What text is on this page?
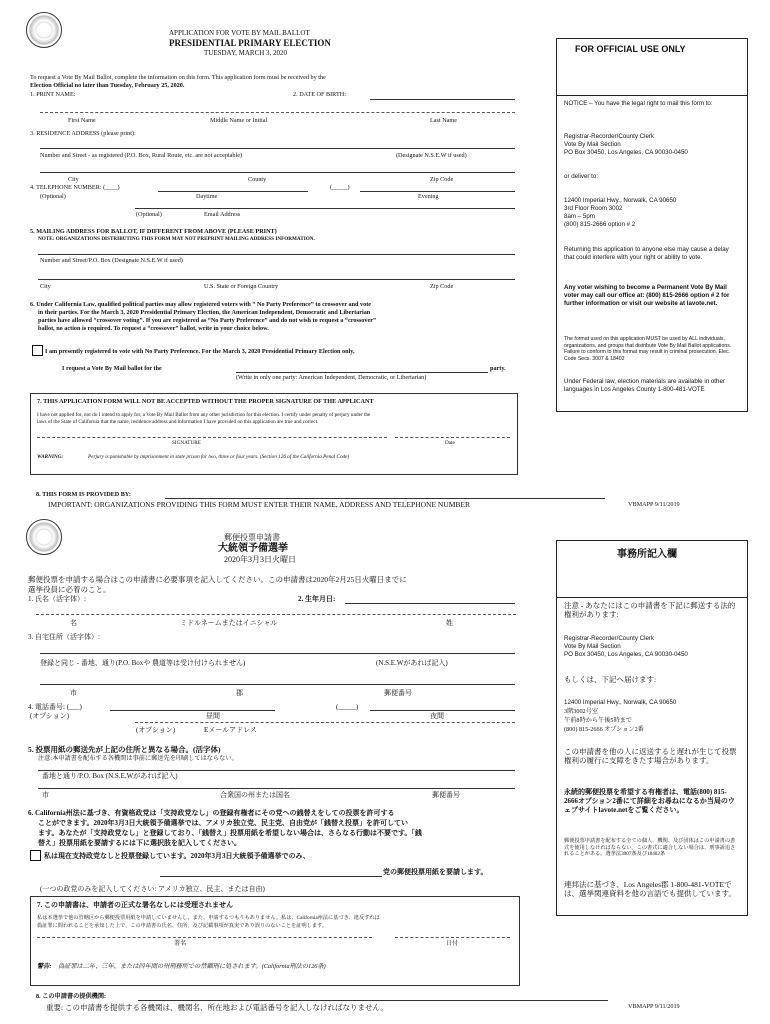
APPLICATION FOR VOTE BY MAIL BALLOT
PRESIDENTIAL PRIMARY ELECTION
TUESDAY, MARCH 3, 2020
To request a Vote By Mail Ballot, complete the information on this form. This application form must be received by the
Election Official no later than Tuesday, February 25, 2020.
1. PRINT NAME:	2. DATE OF BIRTH:
First Name	Middle Name or Initial	Last Name
3. RESIDENCE ADDRESS (please print):
Number and Street - as registered (P.O. Box, Rural Route, etc. are not acceptable)	(Designate N.S.E.W if used)
City	County	Zip Code
4. TELEPHONE NUMBER: (____)	(_____)
(Optional)	Daytime	Evening
(Optional)	Email Address
5. MAILING ADDRESS FOR BALLOT, IF DIFFERENT FROM ABOVE (PLEASE PRINT)
NOTE: ORGANIZATIONS DISTRIBUTING THIS FORM MAY NOT PREPRINT MAILING ADDRESS INFORMATION.
Number and Street/P.O. Box (Designate N.S.E.W if used)
City	U.S. State or Foreign Country	Zip Code
6. Under California Law, qualified political parties may allow registered voters with “ No Party Preference” to crossover and vote
in their parties. For the March 3, 2020 Presidential Primary Election, the American Independent, Democratic and Libertarian
parties have allowed “crossover voting”. If you are registered as “No Party Preference” and do not wish to request a “crossover”
ballot, no action is required. To request a “crossover” ballot, write in your choice below.
I am presently registered to vote with No Party Preference. For the March 3, 2020 Presidential Primary Election only,
I request a Vote By Mail ballot for the	party.
(Write in only one party: American Independent, Democratic, or Libertarian)
7. THIS APPLICATION FORM WILL NOT BE ACCEPTED WITHOUT THE PROPER SIGNATURE OF THE APPLICANT
I have not applied for, nor do I intend to apply for, a Vote By Mail Ballot from any other jurisdiction for this election. I certify under penalty of perjury under the
laws of the State of California that the name, residence address and information I have provided on this application are true and correct.
SIGNATURE	Date
WARNING:	Perjury is punishable by imprisonment in state prison for two, three or four years. (Section 126 of the California Penal Code)
8. THIS FORM IS PROVIDED BY:
IMPORTANT: ORGANIZATIONS PROVIDING THIS FORM MUST ENTER THEIR NAME, ADDRESS AND TELEPHONE NUMBER	VBMAPP 9/11/2019
FOR OFFICIAL USE ONLY
NOTICE – You have the legal right to mail this form to:
Registrar-Recorder/County Clerk
Vote By Mail Section
PO Box 30450, Los Angeles, CA 90030-0450
or deliver to:
12400 Imperial Hwy., Norwalk, CA 90650
3rd Floor Room 3002
8am – 5pm
(800) 815-2666 option # 2
Returning this application to anyone else may cause a delay that could interfere with your right or ability to vote.
Any voter wishing to become a Permanent Vote By Mail voter may call our office at: (800) 815-2666 option # 2 for further information or visit our website at lavote.net.
The format used on this application MUST be used by ALL individuals, organizations, and groups that distribute Vote By Mail Ballot applications. Failure to conform to this format may result in criminal prosecution. Elec. Code Secs. 3007 & 18402
Under Federal law, election materials are available in other languages in Los Angeles County 1-800-481-VOTE
郵便投票申請書
大統領予備選挙
2020年3月3日火曜日
郵便投票を申請する場合はこの申請書に必要事項を記入してください。この申請書は2020年2月25日火曜日までに
選挙役員に必着のこと。
1. 氏名（活字体）:	2. 生年月日:
名	ミドルネームまたはイニシャル	姓
3. 自宅住所（活字体）:
登録と同じ - 番地、通り(P.O. Boxや 農道等は受け付けられません)	(N.S.E.Wがあれば記入)
市	郡	郵便番号
4. 電話番号: (___)	(_____)
(オプション)	昼間	夜間
(オプション)	Eメールアドレス
5. 投票用紙の郵送先が上記の住所と異なる場合。(活字体)
注意:本申請書を配布する各機関は事前に郵送先を印刷してはならない。
番地と通り/P.O. Box (N.S.E.Wがあれば記入)
市	合衆国の州または国名	郵便番号
6. California州法に基づき、有資格政党は「支持政党なし」の登録有権者にその党への銭替えをしての投票を許可する
ことができます。2020年3月3日大統領予備選挙では、アメリカ独立党、民主党、自由党が「銭替え投票」を許可してい
ます。あなたが「支持政党なし」と登録しており、「銭替え」投票用紙を希望しない場合は、さらなる行動は不要です。「銭
替え」投票用紙を要請するには下に選択肢を記入してください。
私は現在支持政党なしと投票登録しています。2020年3月3日大統領予備選挙でのみ、
党の郵便投票用紙を要請します。
(一つの政党のみを記入してください: アメリカ独立、民主、または自由)
7. この申請書は、申請者の正式な署名なしには受理されません
私は本選挙で他の管轄区から郵便投票用紙を申請していませんし、また、申請するつもりもありません。私は、California州法に基づき、違反すれば
偽証罪に問われることを承知した上で、この申請書の氏名、住所、及び記載事項が真実であり誤りのないことを証明します。
署名	日付
警告: 偽証罪は二年、三年、または四年間の州刑務所での禁錮刑に処されます。(California刑法の126条)
8. この申請書の提供機関:
重要: この申請書を提供する各機関は、機関名、所在地および電話番号を記入しなければなりません。	VBMAPP 9/11/2019
事務所記入欄
注意 - あなたにはこの申請書を下記に郵送する法的権利があります:
Registrar-Recorder/County Clerk
Vote By Mail Section
PO Box 30450, Los Angeles, CA 90030-0450
もしくは、下記へ届けます:
12400 Imperial Hwy., Norwalk, CA 90650
3階3002号室
午前8時から午後5時まで
(800) 815-2666 オプション2番
この申請書を他の人に返送すると遅れが生じて投票権利の履行に支障をきたす場合があります。
永続的郵便投票を希望する有権者は、電話(800) 815-2666オプション2番にて詳細をお尋ねになるか当局のウェブサイトlavote.netをご覧ください。
郵便投票申請書を配布する全ての個人、機関、及び団体はこの申請書の書式を使用しなければならない。この書式に適合しない場合は、刑事訴追されることがある。選挙法3007条及び18402条
連邦法に基づき、Los Angeles郡 1-800-481-VOTEでは、選挙関連資料を他の言語でも提供しています。
